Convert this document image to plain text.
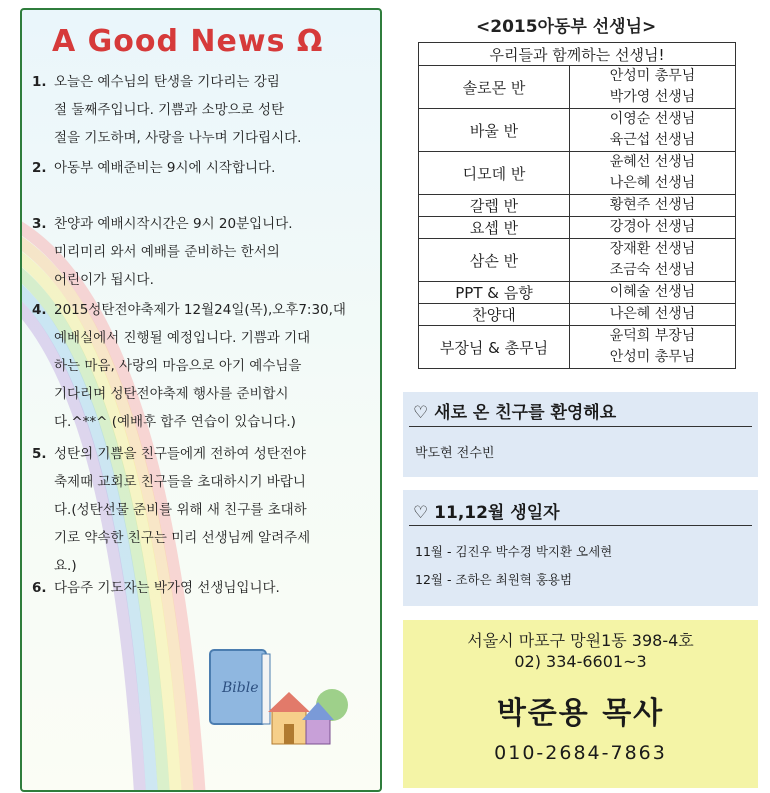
A Good News Ω
1. 오늘은 예수님의 탄생을 기다리는 강림
절 둘째주입니다. 기쁨과 소망으로 성탄
절을 기도하며, 사랑을 나누며 기다립시다.
2. 아동부 예배준비는 9시에 시작합니다.
3. 찬양과 예배시작시간은 9시 20분입니다.
미리미리 와서 예배를 준비하는 한서의
어린이가 됩시다.
4. 2015성탄전야축제가 12월24일(목),오후7:30,대
예배실에서 진행될 예정입니다. 기쁨과 기대
하는 마음, 사랑의 마음으로 아기 예수님을
기다리며 성탄전야축제 행사를 준비합시
다.^**^ (예배후 합주 연습이 있습니다.)
5. 성탄의 기쁨을 친구들에게 전하여 성탄전야
축제때 교회로 친구들을 초대하시기 바랍니
다.(성탄선물 준비를 위해 새 친구를 초대하
기로 약속한 친구는 미리 선생님께 알려주세
요.)
6. 다음주 기도자는 박가영 선생님입니다.
Bible
<2015아동부 선생님>
우리들과 함께하는 선생님!	
솔로몬 반	안성미 총무님
박가영 선생님

바울 반	이영순 선생님
육근섭 선생님

디모데 반	윤혜선 선생님
나은혜 선생님

갈렙 반	황현주 선생님

요셉 반	강경아 선생님

삼손 반	장재환 선생님
조금숙 선생님

PPT & 음향	이혜술 선생님

찬양대	나은혜 선생님

부장님 & 총무님	윤덕희 부장님
안성미 총무님
♡ 새로 온 친구를 환영해요
박도현 전수빈
♡ 11,12월 생일자
11월 - 김진우 박수경 박지환 오세현
12월 - 조하은 최원혁 홍용범
서울시 마포구 망원1동 398-4호
02) 334-6601~3
박준용 목사
010-2684-7863
